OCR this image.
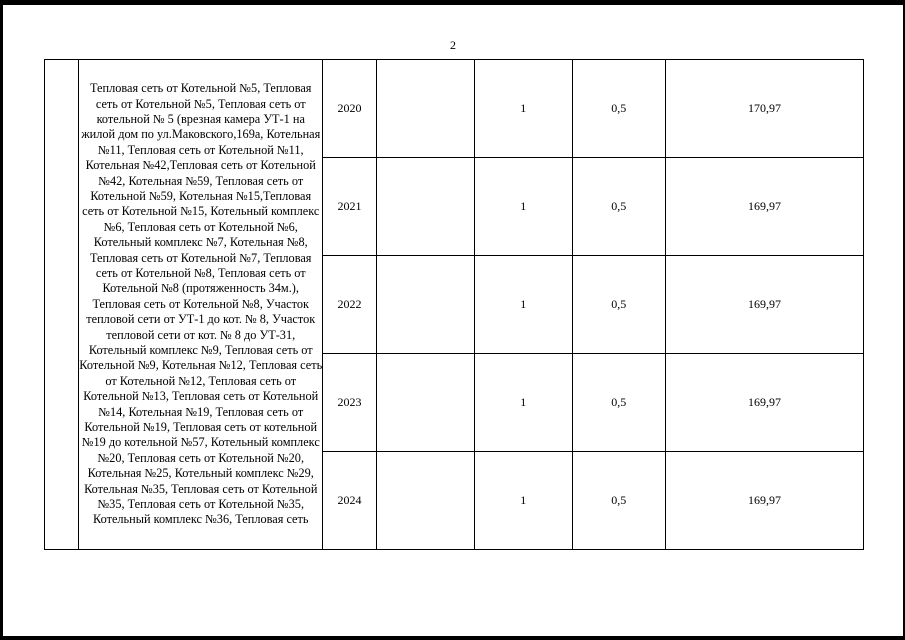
2
	Тепловая сеть от Котельной №5, Тепловая сеть от Котельной №5, Тепловая сеть от котельной № 5 (врезная камера УТ-1 на жилой дом по ул.Маковского,169а, Котельная №11, Тепловая сеть от Котельной №11, Котельная №42,Тепловая сеть от Котельной №42, Котельная №59, Тепловая сеть от Котельной №59, Котельная №15,Тепловая сеть от Котельной №15, Котельный комплекс №6, Тепловая сеть от Котельной №6, Котельный комплекс №7, Котельная №8, Тепловая сеть от Котельной №7, Тепловая сеть от Котельной №8, Тепловая сеть от Котельной №8 (протяженность 34м.), Тепловая сеть от Котельной №8, Участок тепловой сети от УТ-1 до кот. № 8, Участок тепловой сети от кот. № 8 до УТ-31, Котельный комплекс №9, Тепловая сеть от Котельной №9, Котельная №12, Тепловая сеть от Котельной №12, Тепловая сеть от Котельной №13, Тепловая сеть от Котельной №14, Котельная №19, Тепловая сеть от Котельной №19, Тепловая сеть от котельной №19 до котельной №57, Котельный комплекс №20, Тепловая сеть от Котельной №20, Котельная №25, Котельный комплекс №29, Котельная №35, Тепловая сеть от Котельной №35, Тепловая сеть от Котельной №35, Котельный комплекс №36, Тепловая сеть	2020		1	0,5	170,97
		2021		1	0,5	169,97
		2022		1	0,5	169,97
		2023		1	0,5	169,97
		2024		1	0,5	169,97
